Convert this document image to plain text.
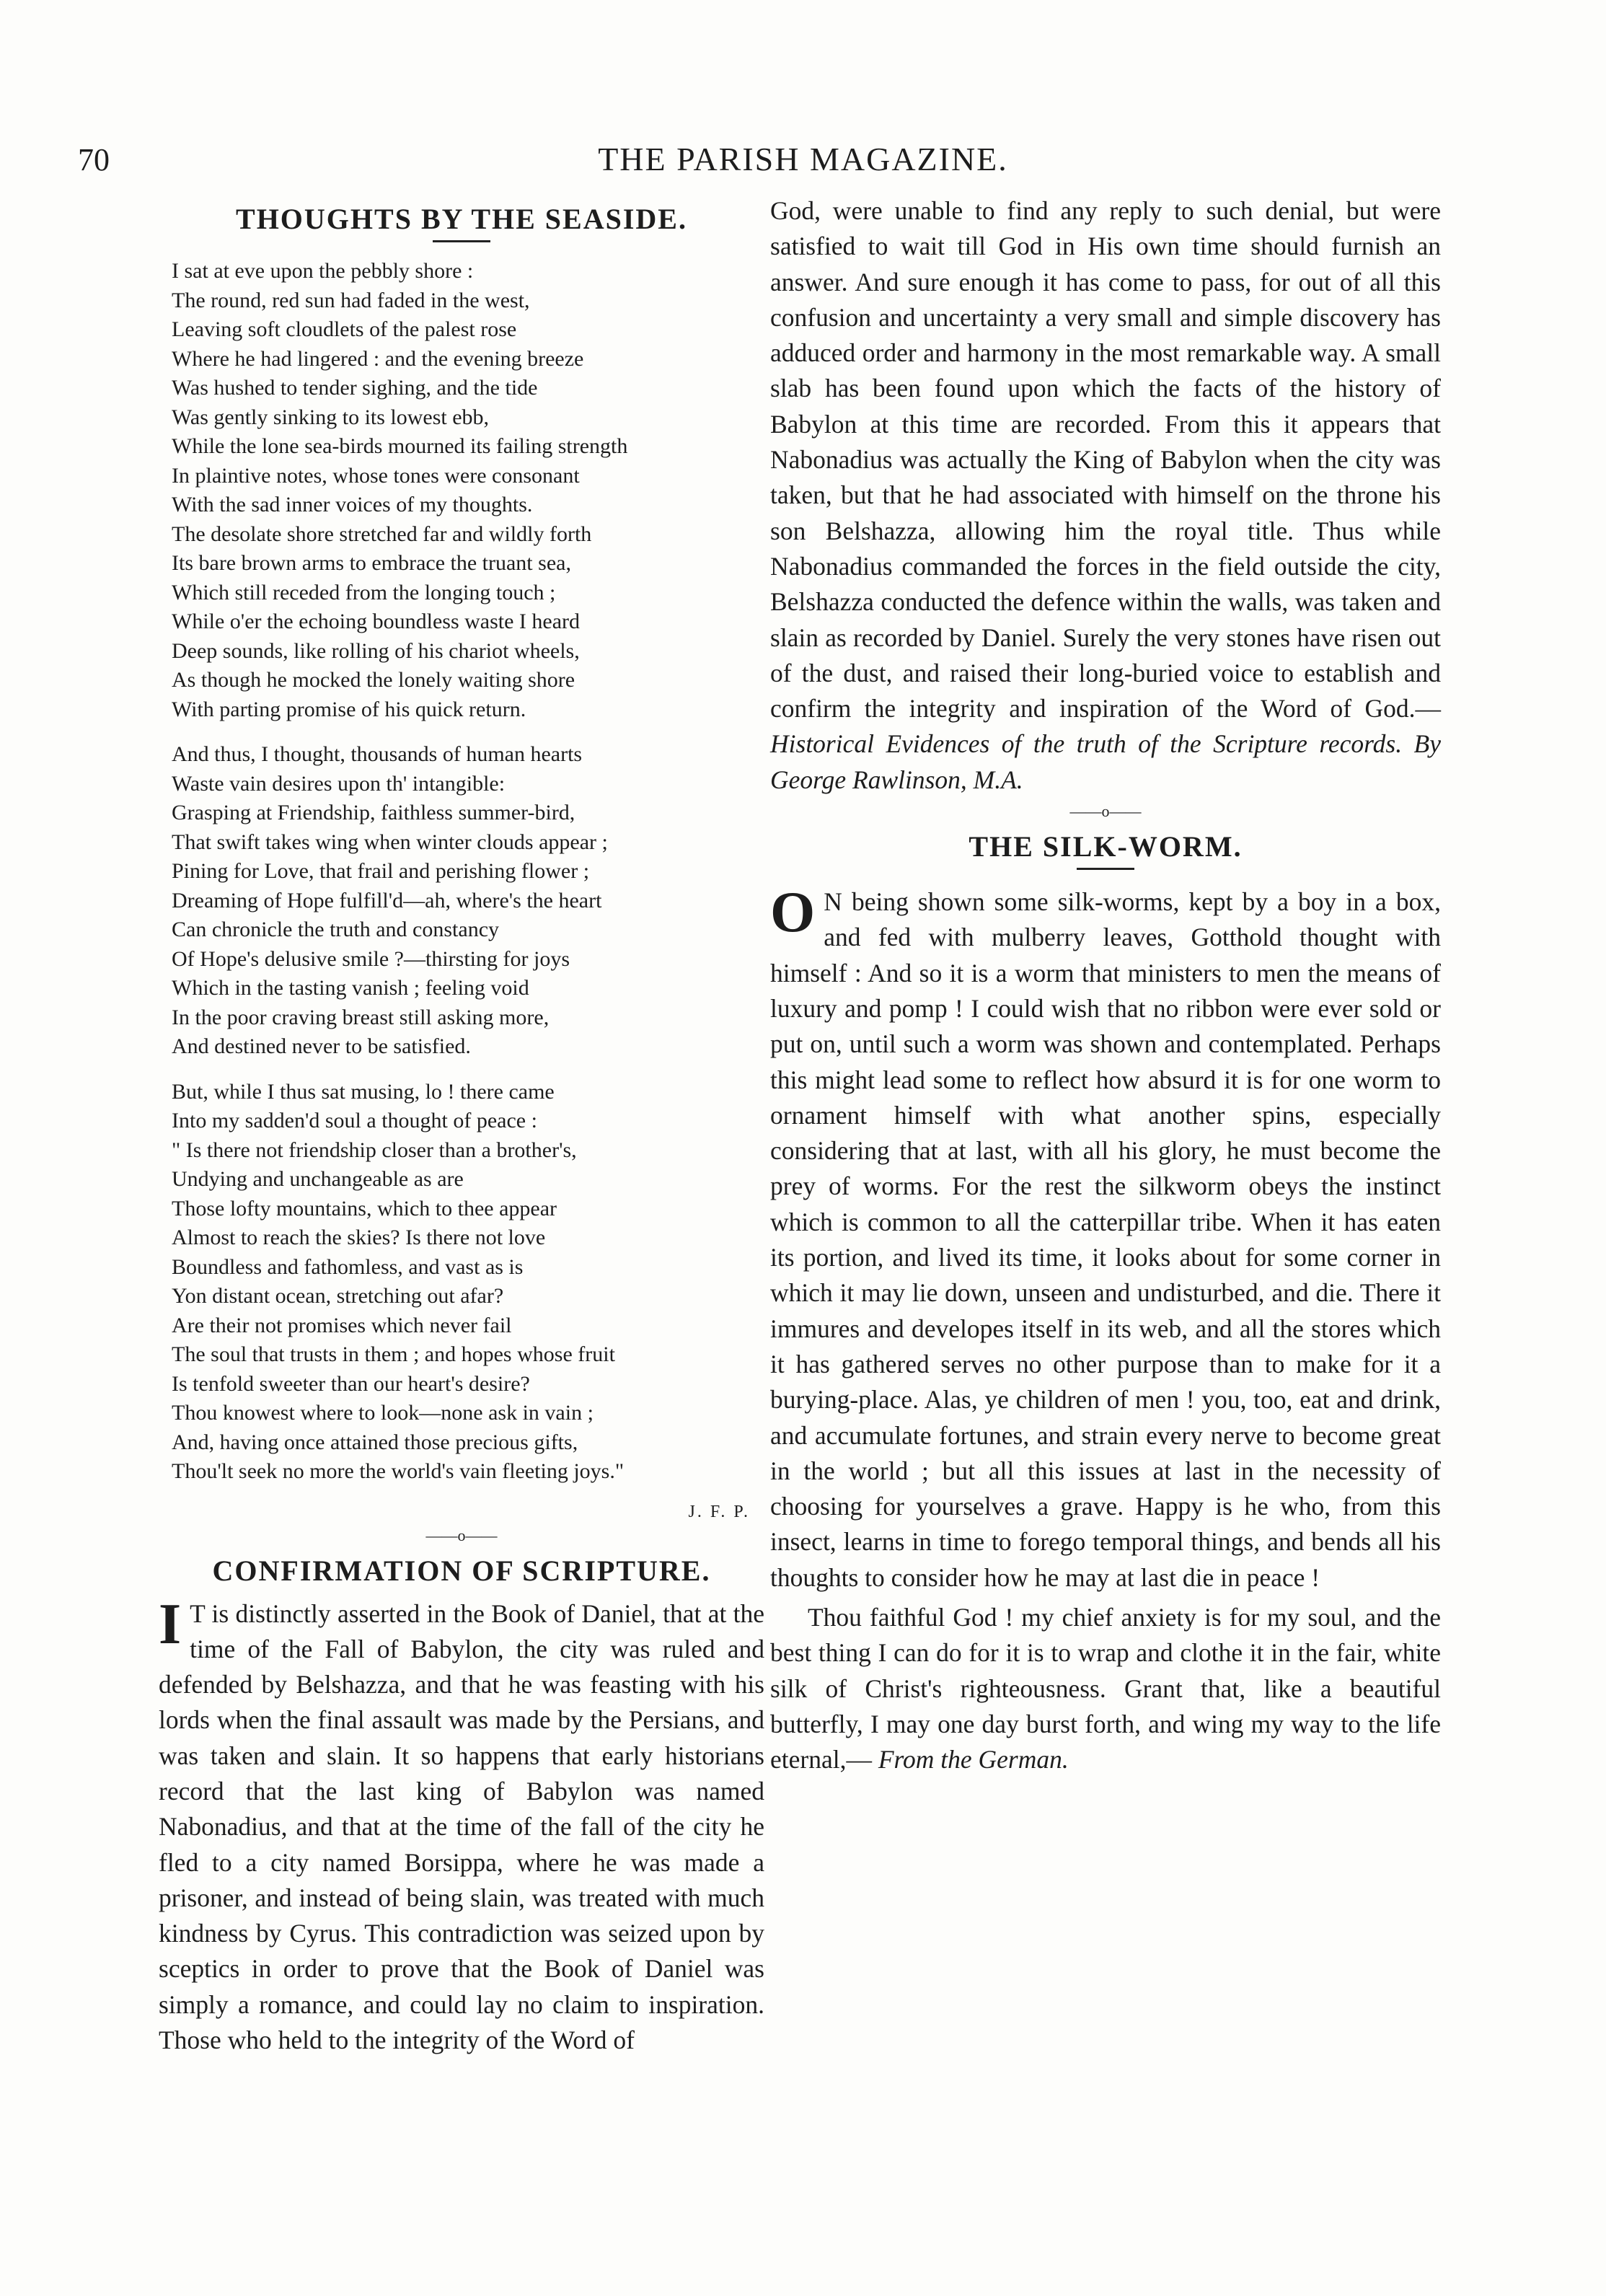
70	THE PARISH MAGAZINE.
THOUGHTS BY THE SEASIDE.
I sat at eve upon the pebbly shore :
The round, red sun had faded in the west,
Leaving soft cloudlets of the palest rose
Where he had lingered : and the evening breeze
Was hushed to tender sighing, and the tide
Was gently sinking to its lowest ebb,
While the lone sea-birds mourned its failing strength
In plaintive notes, whose tones were consonant
With the sad inner voices of my thoughts.
The desolate shore stretched far and wildly forth
Its bare brown arms to embrace the truant sea,
Which still receded from the longing touch ;
While o'er the echoing boundless waste I heard
Deep sounds, like rolling of his chariot wheels,
As though he mocked the lonely waiting shore
With parting promise of his quick return.
And thus, I thought, thousands of human hearts
Waste vain desires upon th' intangible:
Grasping at Friendship, faithless summer-bird,
That swift takes wing when winter clouds appear ;
Pining for Love, that frail and perishing flower ;
Dreaming of Hope fulfill'd—ah, where's the heart
Can chronicle the truth and constancy
Of Hope's delusive smile ?—thirsting for joys
Which in the tasting vanish ; feeling void
In the poor craving breast still asking more,
And destined never to be satisfied.
But, while I thus sat musing, lo ! there came
Into my sadden'd soul a thought of peace :
" Is there not friendship closer than a brother's,
Undying and unchangeable as are
Those lofty mountains, which to thee appear
Almost to reach the skies? Is there not love
Boundless and fathomless, and vast as is
Yon distant ocean, stretching out afar?
Are their not promises which never fail
The soul that trusts in them ; and hopes whose fruit
Is tenfold sweeter than our heart's desire?
Thou knowest where to look—none ask in vain ;
And, having once attained those precious gifts,
Thou'lt seek no more the world's vain fleeting joys."
J. F. P.
——o——
CONFIRMATION OF SCRIPTURE.

I T is distinctly asserted in the Book of Daniel, that at the time of the Fall of Babylon, the city was ruled and defended by Belshazza, and that he was feasting with his lords when the final assault was made by the Persians, and was taken and slain. It so happens that early historians record that the last king of Babylon was named Nabonadius, and that at the time of the fall of the city he fled to a city named Borsippa, where he was made a prisoner, and instead of being slain, was treated with much kindness by Cyrus. This contradiction was seized upon by sceptics in order to prove that the Book of Daniel was simply a romance, and could lay no claim to inspiration. Those who held to the integrity of the Word of

God, were unable to find any reply to such denial, but were satisfied to wait till God in His own time should furnish an answer. And sure enough it has come to pass, for out of all this confusion and uncertainty a very small and simple discovery has adduced order and harmony in the most remarkable way. A small slab has been found upon which the facts of the history of Babylon at this time are recorded. From this it appears that Nabonadius was actually the King of Babylon when the city was taken, but that he had associated with himself on the throne his son Belshazza, allowing him the royal title. Thus while Nabonadius commanded the forces in the field outside the city, Belshazza conducted the defence within the walls, was taken and slain as recorded by Daniel. Surely the very stones have risen out of the dust, and raised their long-buried voice to establish and confirm the integrity and inspiration of the Word of God.— Historical Evidences of the truth of the Scripture records. By George Rawlinson, M.A.

——o——
THE SILK-WORM.

O N being shown some silk-worms, kept by a boy in a box, and fed with mulberry leaves, Gotthold thought with himself : And so it is a worm that ministers to men the means of luxury and pomp ! I could wish that no ribbon were ever sold or put on, until such a worm was shown and contemplated. Perhaps this might lead some to reflect how absurd it is for one worm to ornament himself with what another spins, especially considering that at last, with all his glory, he must become the prey of worms. For the rest the silkworm obeys the instinct which is common to all the catterpillar tribe. When it has eaten its portion, and lived its time, it looks about for some corner in which it may lie down, unseen and undisturbed, and die. There it immures and developes itself in its web, and all the stores which it has gathered serves no other purpose than to make for it a burying-place. Alas, ye children of men ! you, too, eat and drink, and accumulate fortunes, and strain every nerve to become great in the world ; but all this issues at last in the necessity of choosing for yourselves a grave. Happy is he who, from this insect, learns in time to forego temporal things, and bends all his thoughts to consider how he may at last die in peace !

Thou faithful God ! my chief anxiety is for my soul, and the best thing I can do for it is to wrap and clothe it in the fair, white silk of Christ's righteousness. Grant that, like a beautiful butterfly, I may one day burst forth, and wing my way to the life eternal,— From the German.
